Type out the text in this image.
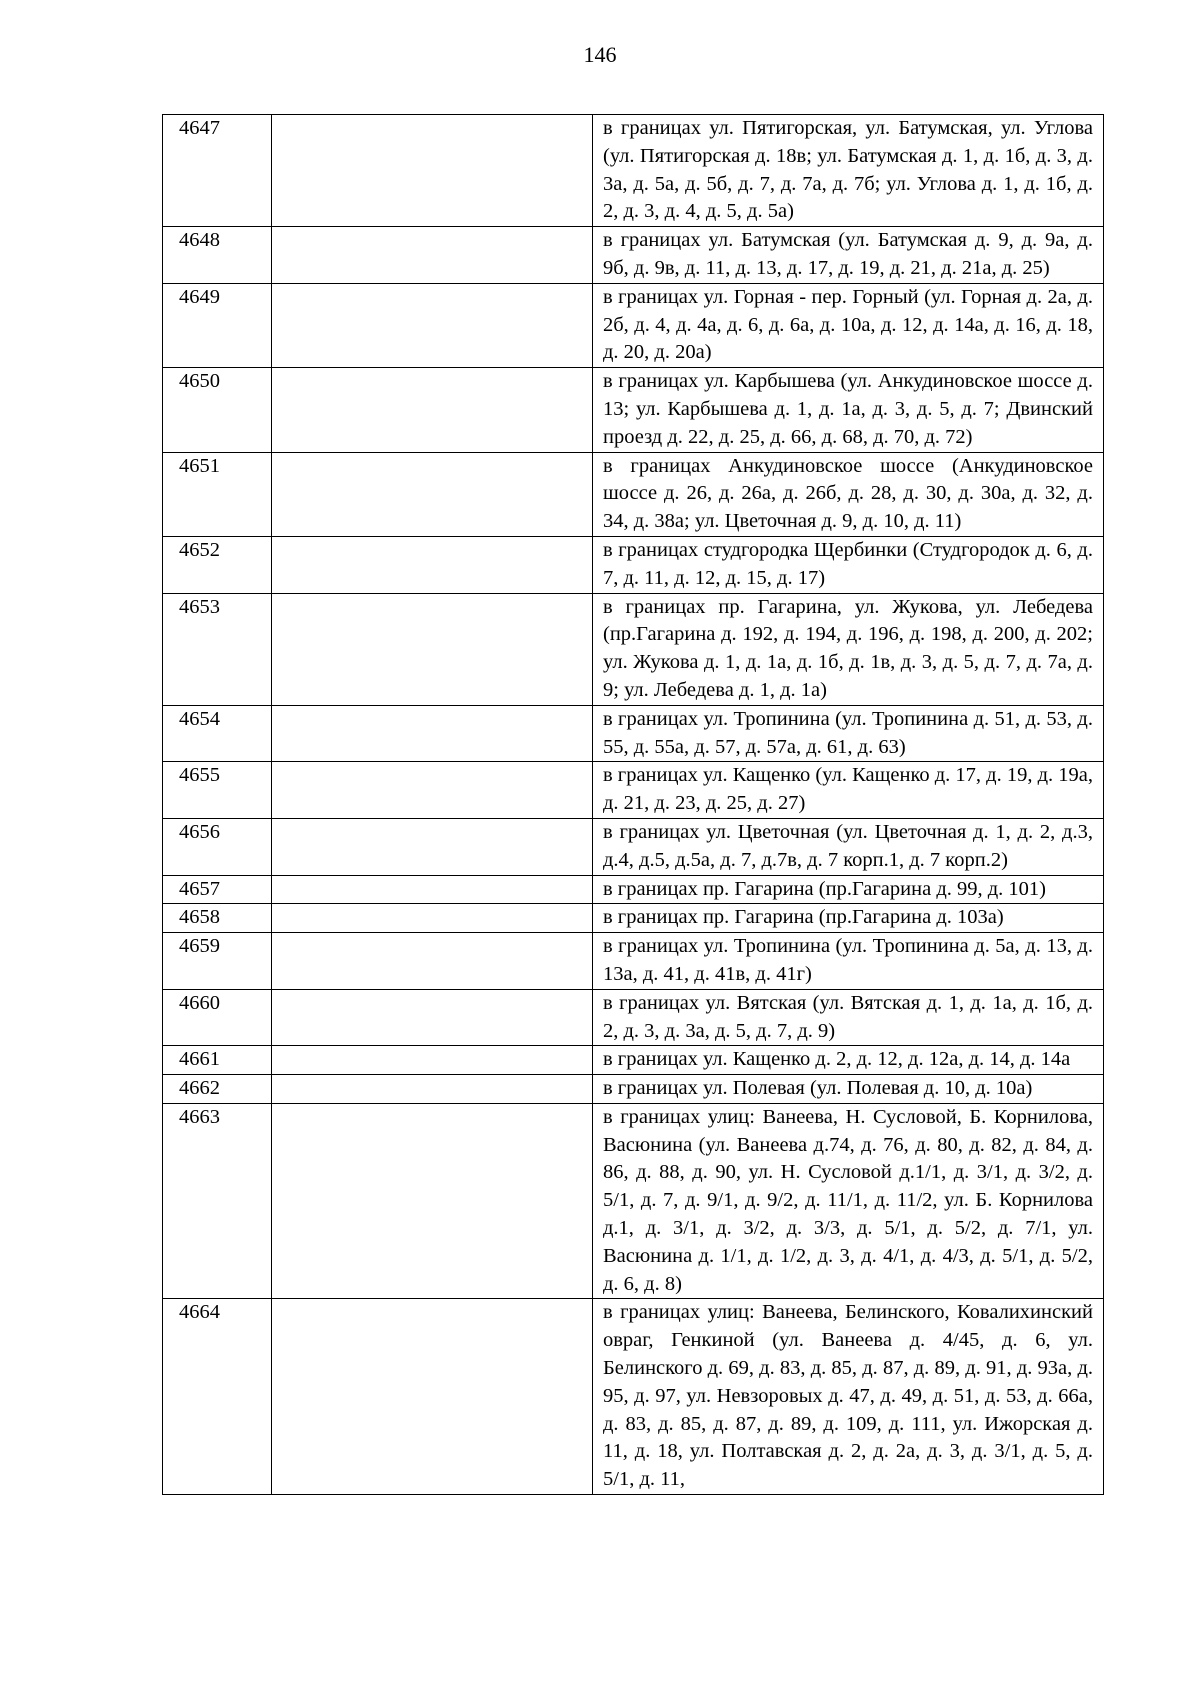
146
4647		в границах ул. Пятигорская, ул. Батумская, ул. Углова (ул. Пятигорская д. 18в; ул. Батумская д. 1, д. 1б, д. 3, д. 3а, д. 5а, д. 5б, д. 7, д. 7а, д. 7б; ул. Углова д. 1, д. 1б, д. 2, д. 3, д. 4, д. 5, д. 5а)
4648		в границах ул. Батумская (ул. Батумская д. 9, д. 9а, д. 9б, д. 9в, д. 11, д. 13, д. 17, д. 19, д. 21, д. 21а, д. 25)
4649		в границах ул. Горная - пер. Горный (ул. Горная д. 2а, д. 2б, д. 4, д. 4а, д. 6, д. 6а, д. 10а, д. 12, д. 14а, д. 16, д. 18, д. 20, д. 20а)
4650		в границах ул. Карбышева (ул. Анкудиновское шоссе д. 13; ул. Карбышева д. 1, д. 1а, д. 3, д. 5, д. 7; Двинский проезд д. 22, д. 25, д. 66, д. 68, д. 70, д. 72)
4651		в границах Анкудиновское шоссе (Анкудиновское шоссе д. 26, д. 26а, д. 26б, д. 28, д. 30, д. 30а, д. 32, д. 34, д. 38а; ул. Цветочная д. 9, д. 10, д. 11)
4652		в границах студгородка Щербинки (Студгородок д. 6, д. 7, д. 11, д. 12, д. 15, д. 17)
4653		в границах пр. Гагарина, ул. Жукова, ул. Лебедева (пр.Гагарина д. 192, д. 194, д. 196, д. 198, д. 200, д. 202; ул. Жукова д. 1, д. 1а, д. 1б, д. 1в, д. 3, д. 5, д. 7, д. 7а, д. 9; ул. Лебедева д. 1, д. 1а)
4654		в границах ул. Тропинина (ул. Тропинина д. 51, д. 53, д. 55, д. 55а, д. 57, д. 57а, д. 61, д. 63)
4655		в границах ул. Кащенко (ул. Кащенко д. 17, д. 19, д. 19а, д. 21, д. 23, д. 25, д. 27)
4656		в границах ул. Цветочная (ул. Цветочная д. 1, д. 2, д.3, д.4, д.5, д.5а, д. 7, д.7в, д. 7 корп.1, д. 7 корп.2)
4657		в границах пр. Гагарина (пр.Гагарина д. 99, д. 101)
4658		в границах пр. Гагарина (пр.Гагарина д. 103а)
4659		в границах ул. Тропинина (ул. Тропинина д. 5а, д. 13, д. 13а, д. 41, д. 41в, д. 41г)
4660		в границах ул. Вятская (ул. Вятская д. 1, д. 1а, д. 1б, д. 2, д. 3, д. 3а, д. 5, д. 7, д. 9)
4661		в границах ул. Кащенко д. 2, д. 12, д. 12а, д. 14, д. 14а
4662		в границах ул. Полевая (ул. Полевая д. 10, д. 10а)
4663		в границах улиц: Ванеева, Н. Сусловой, Б. Корнилова, Васюнина (ул. Ванеева д.74, д. 76, д. 80, д. 82, д. 84, д. 86, д. 88, д. 90, ул. Н. Сусловой д.1/1, д. 3/1, д. 3/2, д. 5/1, д. 7, д. 9/1, д. 9/2, д. 11/1, д. 11/2, ул. Б. Корнилова д.1, д. 3/1, д. 3/2, д. 3/3, д. 5/1, д. 5/2, д. 7/1, ул. Васюнина д. 1/1, д. 1/2, д. 3, д. 4/1, д. 4/3, д. 5/1, д. 5/2, д. 6, д. 8)
4664		в границах улиц: Ванеева, Белинского, Ковалихинский овраг, Генкиной (ул. Ванеева д. 4/45, д. 6, ул. Белинского д. 69, д. 83, д. 85, д. 87, д. 89, д. 91, д. 93а, д. 95, д. 97, ул. Невзоровых д. 47, д. 49, д. 51, д. 53, д. 66а, д. 83, д. 85, д. 87, д. 89, д. 109, д. 111, ул. Ижорская д. 11, д. 18, ул. Полтавская д. 2, д. 2а, д. 3, д. 3/1, д. 5, д. 5/1, д. 11,
